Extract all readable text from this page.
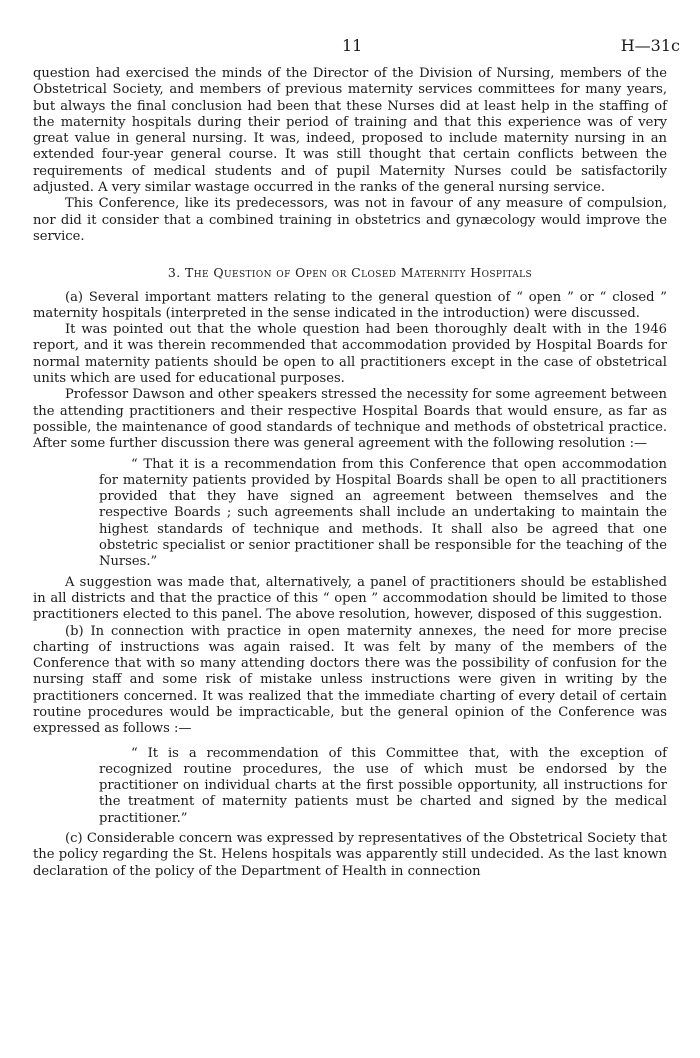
11	H—31c

question had exercised the minds of the Director of the Division of Nursing, members of the Obstetrical Society, and members of previous maternity services committees for many years, but always the final conclusion had been that these Nurses did at least help in the staffing of the maternity hospitals during their period of training and that this experience was of very great value in general nursing. It was, indeed, proposed to include maternity nursing in an extended four-year general course. It was still thought that certain conflicts between the requirements of medical students and of pupil Maternity Nurses could be satisfactorily adjusted. A very similar wastage occurred in the ranks of the general nursing service.

This Conference, like its predecessors, was not in favour of any measure of compulsion, nor did it consider that a combined training in obstetrics and gynæcology would improve the service.

3. The Question of Open or Closed Maternity Hospitals

(a) Several important matters relating to the general question of “ open ” or “ closed ” maternity hospitals (interpreted in the sense indicated in the introduction) were discussed.

It was pointed out that the whole question had been thoroughly dealt with in the 1946 report, and it was therein recommended that accommodation provided by Hospital Boards for normal maternity patients should be open to all practitioners except in the case of obstetrical units which are used for educational purposes.

Professor Dawson and other speakers stressed the necessity for some agreement between the attending practitioners and their respective Hospital Boards that would ensure, as far as possible, the maintenance of good standards of technique and methods of obstetrical practice. After some further discussion there was general agreement with the following resolution :—

“ That it is a recommendation from this Conference that open accommodation for maternity patients provided by Hospital Boards shall be open to all practitioners provided that they have signed an agreement between themselves and the respective Boards ; such agreements shall include an undertaking to maintain the highest standards of technique and methods. It shall also be agreed that one obstetric specialist or senior practitioner shall be responsible for the teaching of the Nurses.”

A suggestion was made that, alternatively, a panel of practitioners should be established in all districts and that the practice of this “ open ” accommodation should be limited to those practitioners elected to this panel. The above resolution, however, disposed of this suggestion.

(b) In connection with practice in open maternity annexes, the need for more precise charting of instructions was again raised. It was felt by many of the members of the Conference that with so many attending doctors there was the possibility of confusion for the nursing staff and some risk of mistake unless instructions were given in writing by the practitioners concerned. It was realized that the immediate charting of every detail of certain routine procedures would be impracticable, but the general opinion of the Conference was expressed as follows :—

“ It is a recommendation of this Committee that, with the exception of recognized routine procedures, the use of which must be endorsed by the practitioner on individual charts at the first possible opportunity, all instructions for the treatment of maternity patients must be charted and signed by the medical practitioner.”

(c) Considerable concern was expressed by representatives of the Obstetrical Society that the policy regarding the St. Helens hospitals was apparently still undecided. As the last known declaration of the policy of the Department of Health in connection
